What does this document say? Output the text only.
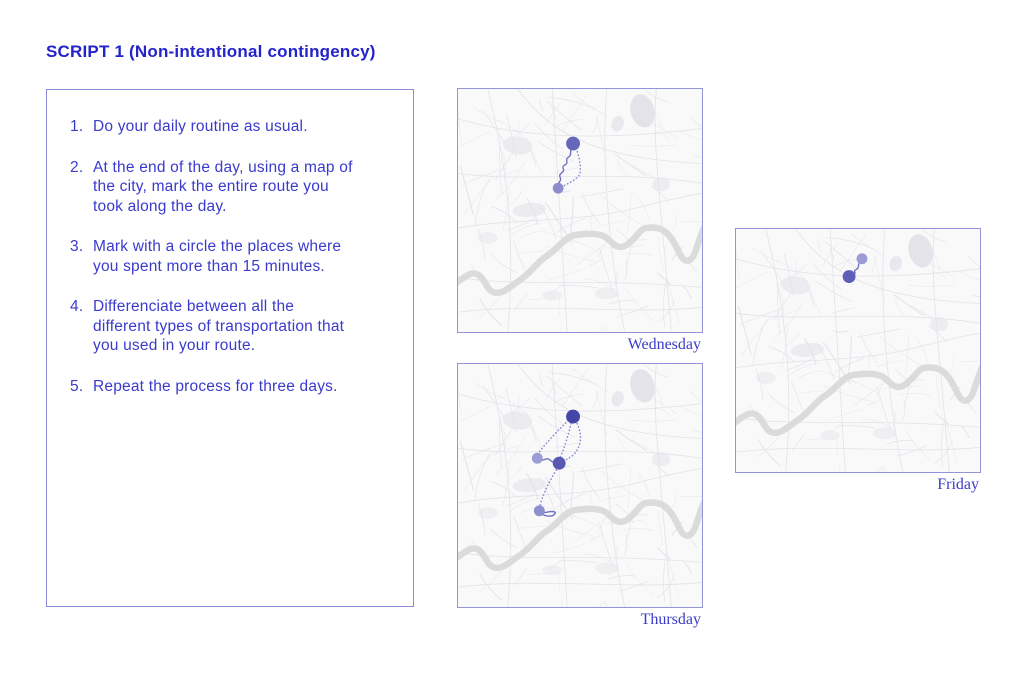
SCRIPT 1 (Non-intentional contingency)
1. Do your daily routine as usual.
2. At the end of the day, using a map of the city, mark the entire route you took along the day.
3. Mark with a circle the places where you spent more than 15 minutes.
4. Differenciate between all the different types of transportation that you used in your route.
5. Repeat the process for three days.
Wednesday
Thursday
Friday
